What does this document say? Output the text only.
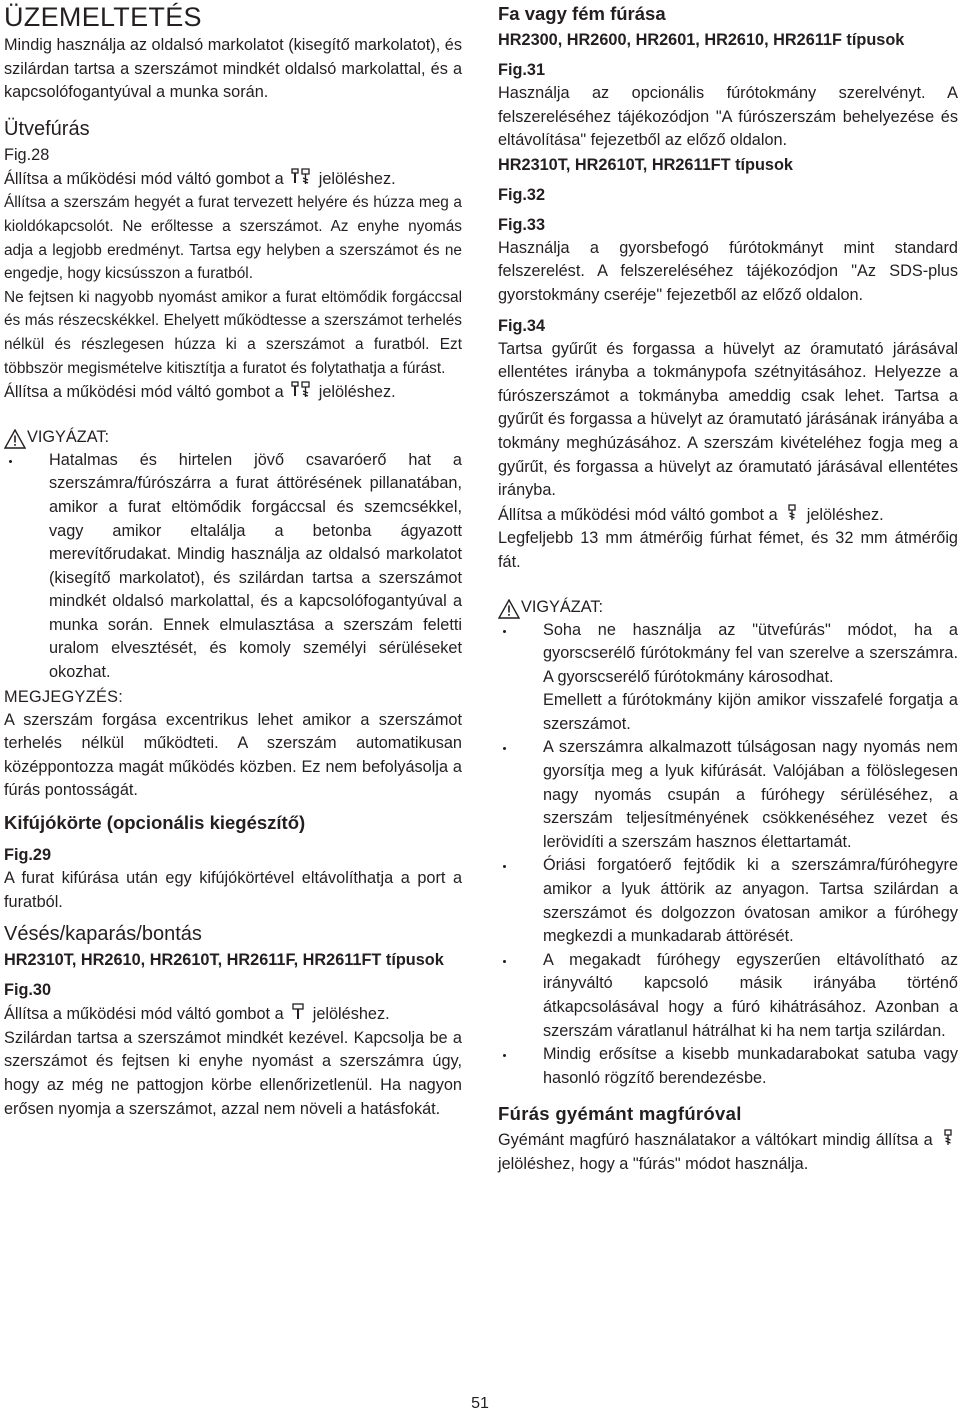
ÜZEMELTETÉS

Mindig használja az oldalsó markolatot (kisegítő markolatot), és szilárdan tartsa a szerszámot mindkét oldalsó markolattal, és a kapcsolófogantyúval a munka során.

Ütvefúrás
Fig.28

Állítsa a működési mód váltó gombot a jelöléshez.

Állítsa a szerszám hegyét a furat tervezett helyére és húzza meg a kioldókapcsolót. Ne erőltesse a szerszámot. Az enyhe nyomás adja a legjobb eredményt. Tartsa egy helyben a szerszámot és ne engedje, hogy kicsússzon a furatból.

Ne fejtsen ki nagyobb nyomást amikor a furat eltömődik forgáccsal és más részecskékkel. Ehelyett működtesse a szerszámot terhelés nélkül és részlegesen húzza ki a szerszámot a furatból. Ezt többször megismételve kitisztítja a furatot és folytathatja a fúrást.

Állítsa a működési mód váltó gombot a jelöléshez.

VIGYÁZAT:
Hatalmas és hirtelen jövő csavaróerő hat a szerszámra/fúrószárra a furat áttörésének pillanatában, amikor a furat eltömődik forgáccsal és szemcsékkel, vagy amikor eltalálja a betonba ágyazott merevítőrudakat. Mindig használja az oldalsó markolatot (kisegítő markolatot), és szilárdan tartsa a szerszámot mindkét oldalsó markolattal, és a kapcsolófogantyúval a munka során. Ennek elmulasztása a szerszám feletti uralom elvesztését, és komoly személyi sérüléseket okozhat.
MEGJEGYZÉS:

A szerszám forgása excentrikus lehet amikor a szerszámot terhelés nélkül működteti. A szerszám automatikusan középpontozza magát működés közben. Ez nem befolyásolja a fúrás pontosságát.

Kifújókörte (opcionális kiegészítő)
Fig.29

A furat kifúrása után egy kifújókörtével eltávolíthatja a port a furatból.

Vésés/kaparás/bontás
HR2310T, HR2610, HR2610T, HR2611F, HR2611FT típusok
Fig.30

Állítsa a működési mód váltó gombot a jelöléshez.

Szilárdan tartsa a szerszámot mindkét kezével. Kapcsolja be a szerszámot és fejtsen ki enyhe nyomást a szerszámra úgy, hogy az még ne pattogjon körbe ellenőrizetlenül. Ha nagyon erősen nyomja a szerszámot, azzal nem növeli a hatásfokát.

Fa vagy fém fúrása
HR2300, HR2600, HR2601, HR2610, HR2611F típusok
Fig.31

Használja az opcionális fúrótokmány szerelvényt. A felszereléséhez tájékozódjon "A fúrószerszám behelyezése és eltávolítása" fejezetből az előző oldalon.

HR2310T, HR2610T, HR2611FT típusok
Fig.32
Fig.33

Használja a gyorsbefogó fúrótokmányt mint standard felszerelést. A felszereléséhez tájékozódjon "Az SDS-plus gyorstokmány cseréje" fejezetből az előző oldalon.

Fig.34

Tartsa gyűrűt és forgassa a hüvelyt az óramutató járásával ellentétes irányba a tokmánypofa szétnyitásához. Helyezze a fúrószerszámot a tokmányba ameddig csak lehet. Tartsa a gyűrűt és forgassa a hüvelyt az óramutató járásának irányába a tokmány meghúzásához. A szerszám kivételéhez fogja meg a gyűrűt, és forgassa a hüvelyt az óramutató járásával ellentétes irányba.

Állítsa a működési mód váltó gombot a jelöléshez.

Legfeljebb 13 mm átmérőig fúrhat fémet, és 32 mm átmérőig fát.

VIGYÁZAT:
Soha ne használja az "ütvefúrás" módot, ha a gyorscserélő fúrótokmány fel van szerelve a szerszámra. A gyorscserélő fúrótokmány károsodhat.
Emellett a fúrótokmány kijön amikor visszafelé forgatja a szerszámot.
A szerszámra alkalmazott túlságosan nagy nyomás nem gyorsítja meg a lyuk kifúrását. Valójában a fölöslegesen nagy nyomás csupán a fúróhegy sérüléséhez, a szerszám teljesítményének csökkenéséhez vezet és lerövidíti a szerszám hasznos élettartamát.
Óriási forgatóerő fejtődik ki a szerszámra/fúróhegyre amikor a lyuk áttörik az anyagon. Tartsa szilárdan a szerszámot és dolgozzon óvatosan amikor a fúróhegy megkezdi a munkadarab áttörését.
A megakadt fúróhegy egyszerűen eltávolítható az irányváltó kapcsoló másik irányába történő átkapcsolásával hogy a fúró kihátrásához. Azonban a szerszám váratlanul hátrálhat ki ha nem tartja szilárdan.
Mindig erősítse a kisebb munkadarabokat satuba vagy hasonló rögzítő berendezésbe.
Fúrás gyémánt magfúróval

Gyémánt magfúró használatakor a váltókart mindig állítsa a  jelöléshez, hogy a "fúrás" módot használja.

51
